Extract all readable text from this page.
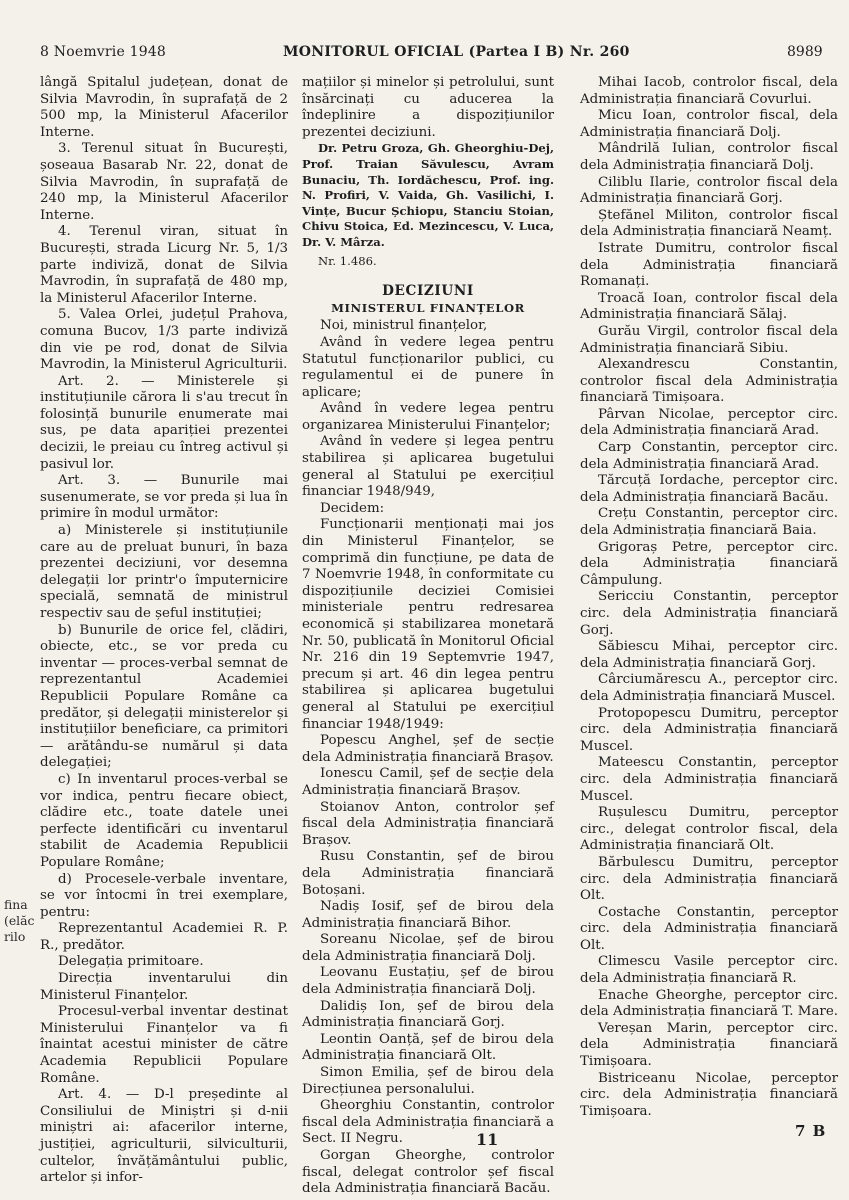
8 Noemvrie 1948	MONITORUL OFICIAL (Partea I B) Nr. 260	8989
fina
(elăc
rilo

lângă Spitalul județean, donat de Silvia Mavrodin, în suprafață de 2 500 mp, la Ministerul Afacerilor Interne.

3. Terenul situat în București, șoseaua Basarab Nr. 22, donat de Silvia Mavrodin, în suprafață de 240 mp, la Ministerul Afacerilor Interne.

4. Terenul viran, situat în București, strada Licurg Nr. 5, 1/3 parte indiviză, donat de Silvia Mavrodin, în suprafață de 480 mp, la Ministerul Afacerilor Interne.

5. Valea Orlei, județul Prahova, comuna Bucov, 1/3 parte indiviză din vie pe rod, donat de Silvia Mavrodin, la Ministerul Agriculturii.

Art. 2. — Ministerele și instituțiunile cărora li s'au trecut în folosință bunurile enumerate mai sus, pe data apariției prezentei decizii, le preiau cu întreg activul și pasivul lor.

Art. 3. — Bunurile mai susenumerate, se vor preda și lua în primire în modul următor:

a) Ministerele și instituțiunile care au de preluat bunuri, în baza prezentei deciziuni, vor desemna delegații lor printr'o împuternicire specială, semnată de ministrul respectiv sau de șeful instituției;

b) Bunurile de orice fel, clădiri, obiecte, etc., se vor preda cu inventar — proces-verbal semnat de reprezentantul Academiei Republicii Populare Române ca predător, și delegații ministerelor și instituțiilor beneficiare, ca primitori — arătându-se numărul și data delegației;

c) In inventarul proces-verbal se vor indica, pentru fiecare obiect, clădire etc., toate datele unei perfecte identificări cu inventarul stabilit de Academia Republicii Populare Române;

d) Procesele-verbale inventare, se vor întocmi în trei exemplare, pentru:

Reprezentantul Academiei R. P. R., predător.

Delegația primitoare.

Direcția inventarului din Ministerul Finanțelor.

Procesul-verbal inventar destinat Ministerului Finanțelor va fi înaintat acestui minister de către Academia Republicii Populare Române.

Art. 4. — D-l președinte al Consiliului de Miniștri și d-nii miniștri ai: afacerilor interne, justiției, agriculturii, silviculturii, cultelor, învățământului public, artelor și infor-

mațiilor și minelor și petrolului, sunt însărcinați cu aducerea la îndeplinire a dispozițiunilor prezentei deciziuni.

Dr. Petru Groza, Gh. Gheorghiu-Dej, Prof. Traian Săvulescu, Avram Bunaciu, Th. Iordăchescu, Prof. ing. N. Profiri, V. Vaida, Gh. Vasilichi, I. Vințe, Bucur Șchiopu, Stanciu Stoian, Chivu Stoica, Ed. Mezincescu, V. Luca, Dr. V. Mârza.

Nr. 1.486.

DECIZIUNI

MINISTERUL FINANȚELOR

Noi, ministrul finanțelor,

Având în vedere legea pentru Statutul funcționarilor publici, cu regulamentul ei de punere în aplicare;

Având în vedere legea pentru organizarea Ministerului Finanțelor;

Având în vedere și legea pentru stabilirea și aplicarea bugetului general al Statului pe exercițiul financiar 1948/949,

Decidem:

Funcționarii menționați mai jos din Ministerul Finanțelor, se comprimă din funcțiune, pe data de 7 Noemvrie 1948, în conformitate cu dispozițiunile deciziei Comisiei ministeriale pentru redresarea economică și stabilizarea monetară Nr. 50, publicată în Monitorul Oficial Nr. 216 din 19 Septemvrie 1947, precum și art. 46 din legea pentru stabilirea și aplicarea bugetului general al Statului pe exercițiul financiar 1948/1949:

Popescu Anghel, șef de secție dela Administrația financiară Brașov.

Ionescu Camil, șef de secție dela Administrația financiară Brașov.

Stoianov Anton, controlor șef fiscal dela Administrația financiară Brașov.

Rusu Constantin, șef de birou dela Administrația financiară Botoșani.

Nadiș Iosif, șef de birou dela Administrația financiară Bihor.

Soreanu Nicolae, șef de birou dela Administrația financiară Dolj.

Leovanu Eustațiu, șef de birou dela Administrația financiară Dolj.

Dalidiș Ion, șef de birou dela Administrația financiară Gorj.

Leontin Oanță, șef de birou dela Administrația financiară Olt.

Simon Emilia, șef de birou dela Direcțiunea personalului.

Gheorghiu Constantin, controlor fiscal dela Administrația financiară a Sect. II Negru.

Gorgan Gheorghe, controlor fiscal, delegat controlor șef fiscal dela Administrația financiară Bacău.

Mihai Iacob, controlor fiscal, dela Administrația financiară Covurlui.

Micu Ioan, controlor fiscal, dela Administrația financiară Dolj.

Mândrilă Iulian, controlor fiscal dela Administrația financiară Dolj.

Ciliblu Ilarie, controlor fiscal dela Administrația financiară Gorj.

Ștefănel Militon, controlor fiscal dela Administrația financiară Neamț.

Istrate Dumitru, controlor fiscal dela Administrația financiară Romanați.

Troacă Ioan, controlor fiscal dela Administrația financiară Sălaj.

Gurău Virgil, controlor fiscal dela Administrația financiară Sibiu.

Alexandrescu Constantin, controlor fiscal dela Administrația financiară Timișoara.

Pârvan Nicolae, perceptor circ. dela Administrația financiară Arad.

Carp Constantin, perceptor circ. dela Administrația financiară Arad.

Tărcuță Iordache, perceptor circ. dela Administrația financiară Bacău.

Crețu Constantin, perceptor circ. dela Administrația financiară Baia.

Grigoraș Petre, perceptor circ. dela Administrația financiară Câmpulung.

Sericciu Constantin, perceptor circ. dela Administrația financiară Gorj.

Săbiescu Mihai, perceptor circ. dela Administrația financiară Gorj.

Cârciumărescu A., perceptor circ. dela Administrația financiară Muscel.

Protopopescu Dumitru, perceptor circ. dela Administrația financiară Muscel.

Mateescu Constantin, perceptor circ. dela Administrația financiară Muscel.

Rușulescu Dumitru, perceptor circ., delegat controlor fiscal, dela Administrația financiară Olt.

Bărbulescu Dumitru, perceptor circ. dela Administrația financiară Olt.

Costache Constantin, perceptor circ. dela Administrația financiară Olt.

Climescu Vasile perceptor circ. dela Administrația financiară R.

Enache Gheorghe, perceptor circ. dela Administrația financiară T. Mare.

Vereșan Marin, perceptor circ. dela Administrația financiară Timișoara.

Bistriceanu Nicolae, perceptor circ. dela Administrația financiară Timișoara.

11	7 B
